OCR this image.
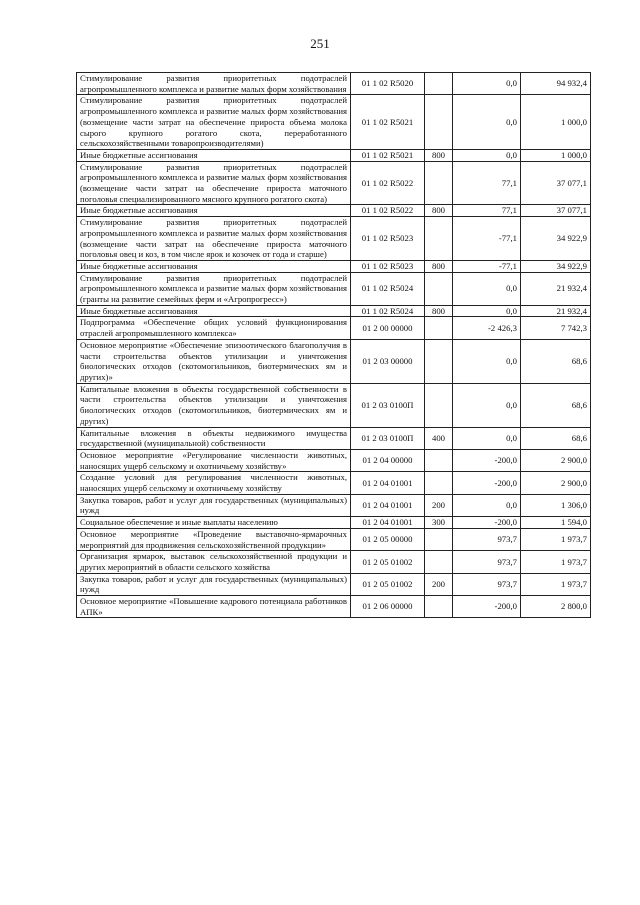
251
Стимулирование развития приоритетных подотраслей агропромышленного комплекса и развитие малых форм хозяйствования	01 1 02 R5020		0,0	94 932,4
Стимулирование развития приоритетных подотраслей агропромышленного комплекса и развитие малых форм хозяйствования (возмещение части затрат на обеспечение прироста объема молока сырого крупного рогатого скота, переработанного сельскохозяйственными товаропроизводителями)	01 1 02 R5021		0,0	1 000,0
Иные бюджетные ассигнования	01 1 02 R5021	800	0,0	1 000,0
Стимулирование развития приоритетных подотраслей агропромышленного комплекса и развитие малых форм хозяйствования (возмещение части затрат на обеспечение прироста маточного поголовья специализированного мясного крупного рогатого скота)	01 1 02 R5022		77,1	37 077,1
Иные бюджетные ассигнования	01 1 02 R5022	800	77,1	37 077,1
Стимулирование развития приоритетных подотраслей агропромышленного комплекса и развитие малых форм хозяйствования (возмещение части затрат на обеспечение прироста маточного поголовья овец и коз, в том числе ярок и козочек от года и старше)	01 1 02 R5023		-77,1	34 922,9
Иные бюджетные ассигнования	01 1 02 R5023	800	-77,1	34 922,9
Стимулирование развития приоритетных подотраслей агропромышленного комплекса и развитие малых форм хозяйствования (гранты на развитие семейных ферм и «Агропрогресс»)	01 1 02 R5024		0,0	21 932,4
Иные бюджетные ассигнования	01 1 02 R5024	800	0,0	21 932,4
Подпрограмма «Обеспечение общих условий функционирования отраслей агропромышленного комплекса»	01 2 00 00000		-2 426,3	7 742,3
Основное мероприятие «Обеспечение эпизоотического благополучия в части строительства объектов утилизации и уничтожения биологических отходов (скотомогильников, биотермических ям и других)»	01 2 03 00000		0,0	68,6
Капитальные вложения в объекты государственной собственности в части строительства объектов утилизации и уничтожения биологических отходов (скотомогильников, биотермических ям и других)	01 2 03 0100П		0,0	68,6
Капитальные вложения в объекты недвижимого имущества государственной (муниципальной) собственности	01 2 03 0100П	400	0,0	68,6
Основное мероприятие «Регулирование численности животных, наносящих ущерб сельскому и охотничьему хозяйству»	01 2 04 00000		-200,0	2 900,0
Создание условий для регулирования численности животных, наносящих ущерб сельскому и охотничьему хозяйству	01 2 04 01001		-200,0	2 900,0
Закупка товаров, работ и услуг для государственных (муниципальных) нужд	01 2 04 01001	200	0,0	1 306,0
Социальное обеспечение и иные выплаты населению	01 2 04 01001	300	-200,0	1 594,0
Основное мероприятие «Проведение выставочно-ярмарочных мероприятий для продвижения сельскохозяйственной продукции»	01 2 05 00000		973,7	1 973,7
Организация ярмарок, выставок сельскохозяйственной продукции и других мероприятий в области сельского хозяйства	01 2 05 01002		973,7	1 973,7
Закупка товаров, работ и услуг для государственных (муниципальных) нужд	01 2 05 01002	200	973,7	1 973,7
Основное мероприятие «Повышение кадрового потенциала работников АПК»	01 2 06 00000		-200,0	2 800,0
